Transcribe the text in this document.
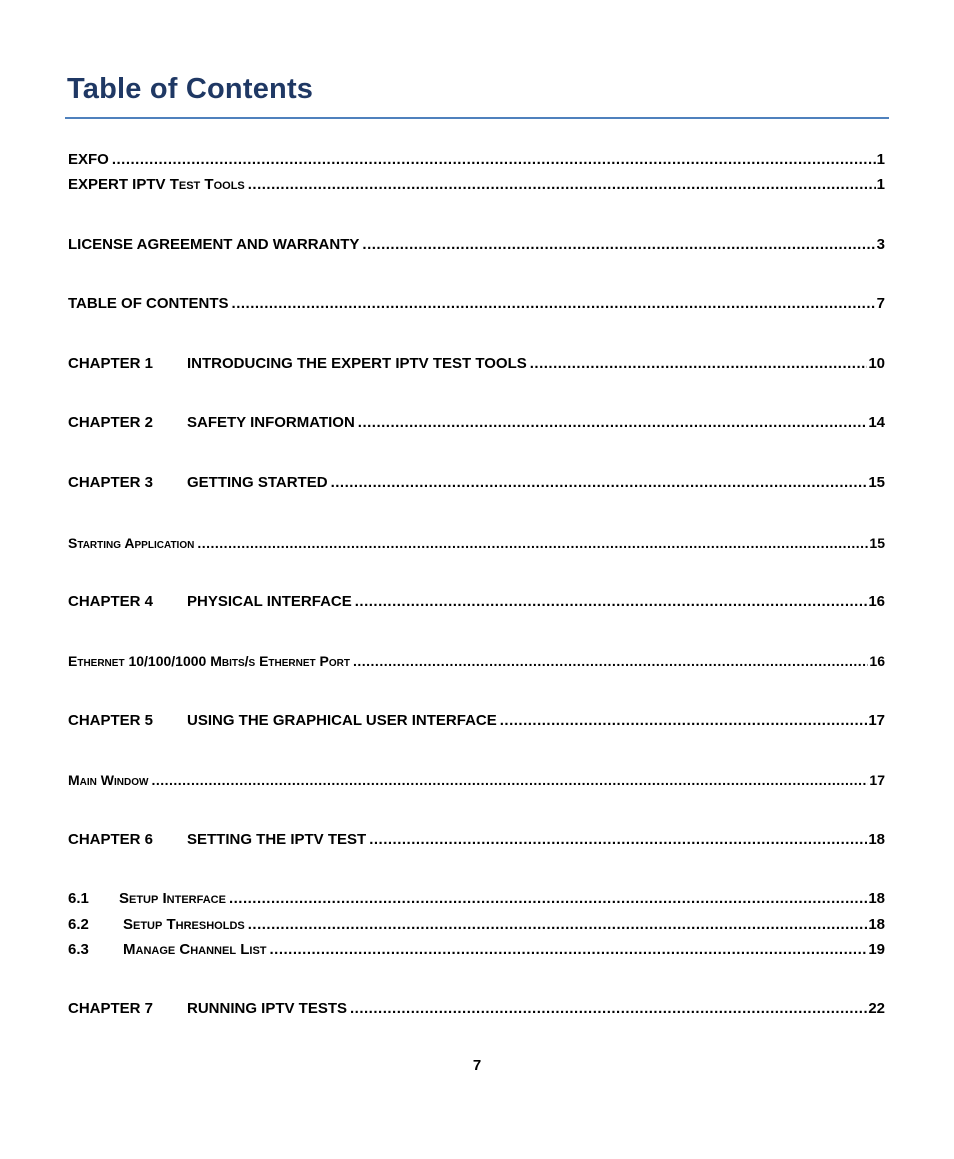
Table of Contents
EXFO .....	1
EXPERT IPTV Test Tools .....	1
LICENSE AGREEMENT AND WARRANTY .....	3
TABLE OF CONTENTS .....	7
CHAPTER 1	INTRODUCING THE EXPERT IPTV TEST TOOLS .....	10
CHAPTER 2	SAFETY INFORMATION .....	14
CHAPTER 3	GETTING STARTED .....	15
Starting Application .....	15
CHAPTER 4	PHYSICAL INTERFACE .....	16
Ethernet 10/100/1000 Mbits/s Ethernet Port .....	16
CHAPTER 5	USING THE GRAPHICAL USER INTERFACE .....	17
Main Window .....	17
CHAPTER 6	SETTING THE IPTV TEST .....	18
6.1	Setup Interface .....	18
6.2	Setup Thresholds .....	18
6.3	Manage Channel List .....	19
CHAPTER 7	RUNNING IPTV TESTS .....	22
7
